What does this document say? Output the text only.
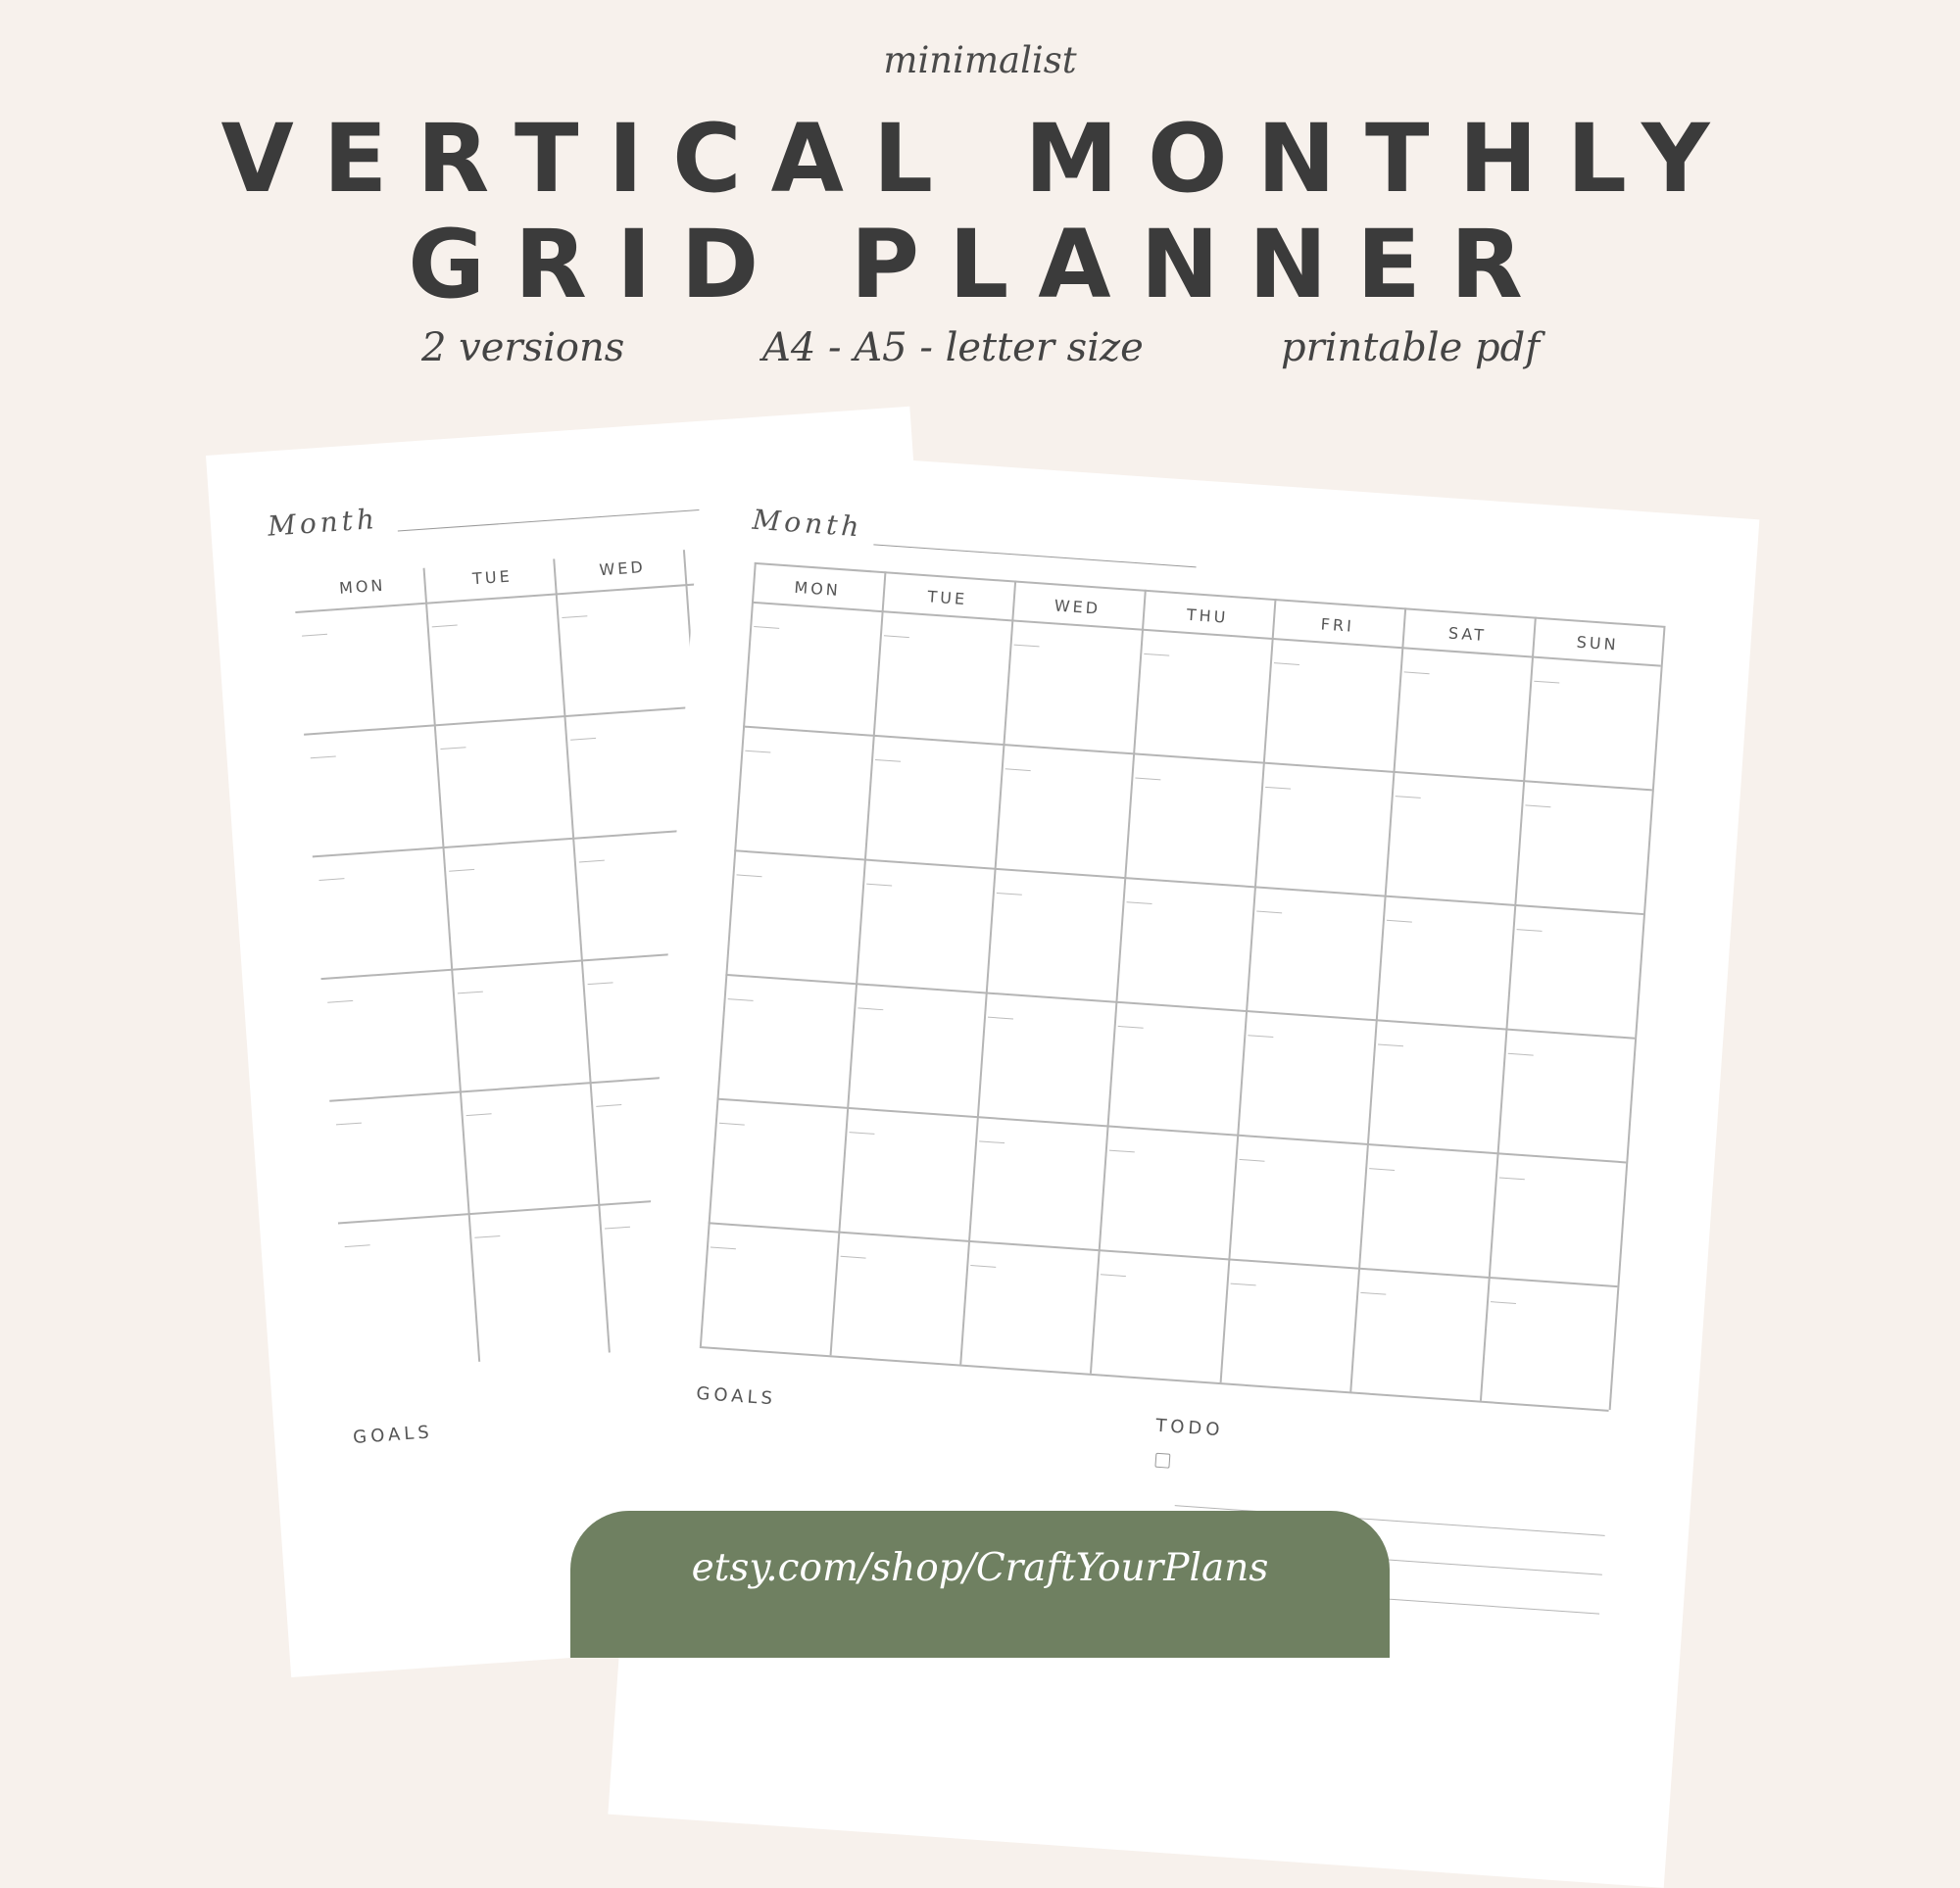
minimalist
VERTICAL MONTHLY
GRID PLANNER
2 versions	A4 - A5 - letter size	printable pdf
Month
MON	TUE	WED
GOALS
Month
MON	TUE	WED	THU	FRI	SAT	SUN
GOALS
TODO
etsy.com/shop/CraftYourPlans
